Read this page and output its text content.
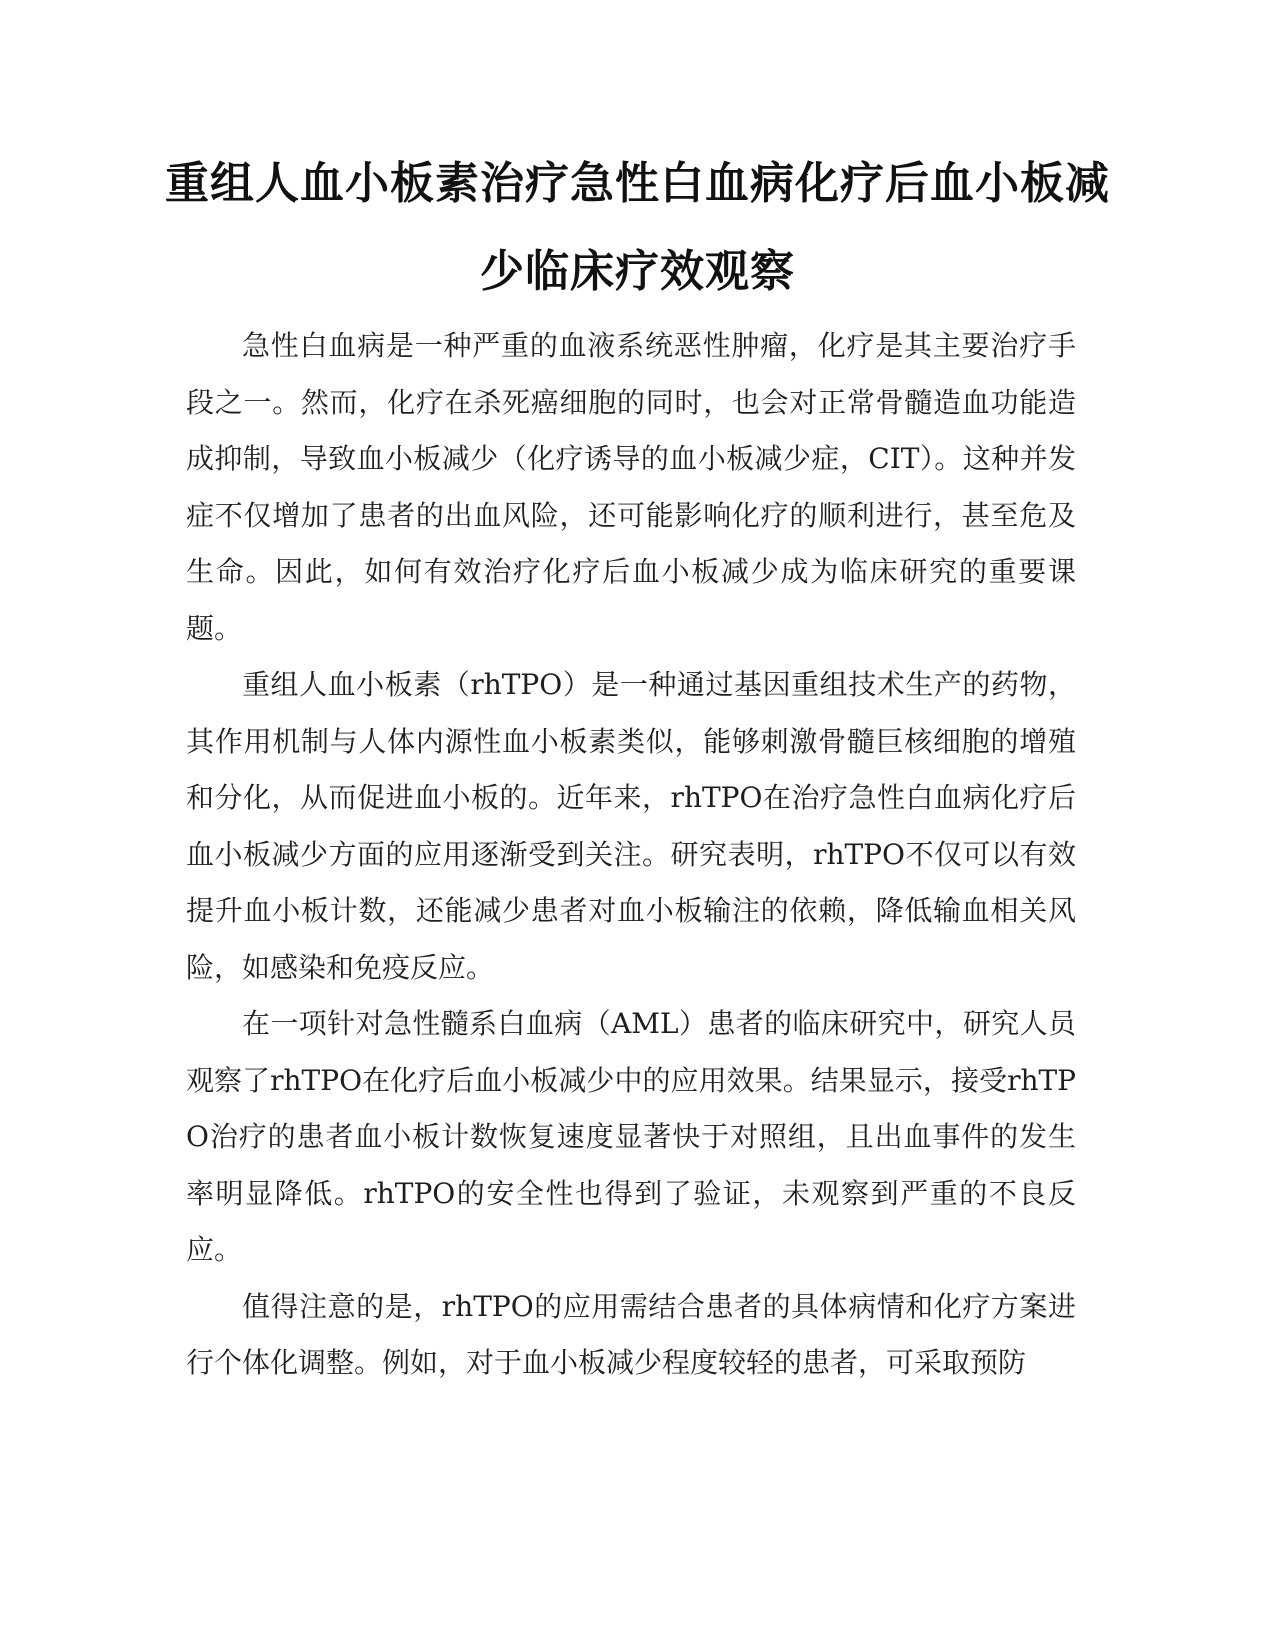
重组人血小板素治疗急性白血病化疗后血小板减少临床疗效观察

急性白血病是一种严重的血液系统恶性肿瘤，化疗是其主要治疗手段之一。然而，化疗在杀死癌细胞的同时，也会对正常骨髓造血功能造成抑制，导致血小板减少（化疗诱导的血小板减少症，CIT）。这种并发症不仅增加了患者的出血风险，还可能影响化疗的顺利进行，甚至危及生命。因此，如何有效治疗化疗后血小板减少成为临床研究的重要课题。

重组人血小板素（rhTPO）是一种通过基因重组技术生产的药物，其作用机制与人体内源性血小板素类似，能够刺激骨髓巨核细胞的增殖和分化，从而促进血小板的。近年来，rhTPO在治疗急性白血病化疗后血小板减少方面的应用逐渐受到关注。研究表明，rhTPO不仅可以有效提升血小板计数，还能减少患者对血小板输注的依赖，降低输血相关风险，如感染和免疫反应。

在一项针对急性髓系白血病（AML）患者的临床研究中，研究人员观察了rhTPO在化疗后血小板减少中的应用效果。结果显示，接受rhTPO治疗的患者血小板计数恢复速度显著快于对照组，且出血事件的发生率明显降低。rhTPO的安全性也得到了验证，未观察到严重的不良反应。

值得注意的是，rhTPO的应用需结合患者的具体病情和化疗方案进行个体化调整。例如，对于血小板减少程度较轻的患者，可采取预防
